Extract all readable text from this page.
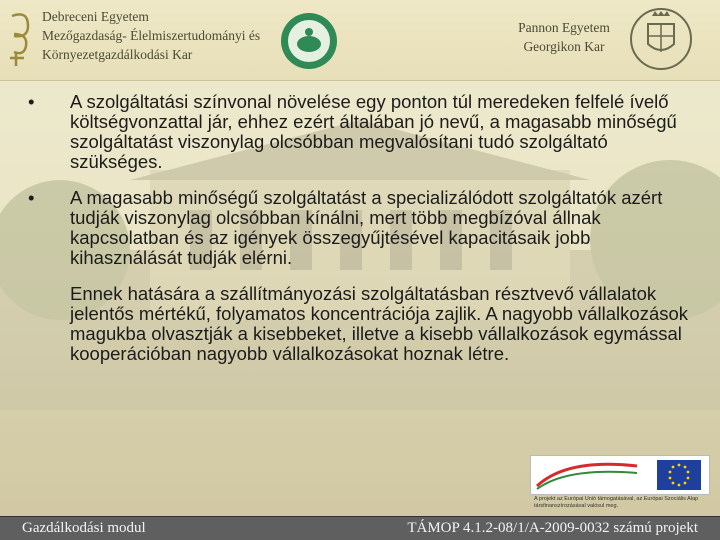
Debreceni Egyetem
Mezőgazdaság- Élelmiszertudományi és
Környezetgazdálkodási Kar
Pannon Egyetem
Georgikon Kar
•	A szolgáltatási színvonal növelése egy ponton túl meredeken felfelé ívelő költségvonzattal jár, ehhez ezért általában jó nevű, a magasabb minőségű szolgáltatást viszonylag olcsóbban megvalósítani tudó szolgáltató szükséges.
•	A magasabb minőségű szolgáltatást a specializálódott szolgáltatók azért tudják viszonylag olcsóbban kínálni, mert több megbízóval állnak kapcsolatban és az igények összegyűjtésével kapacitásaik jobb kihasználását tudják elérni.
Ennek hatására a szállítmányozási szolgáltatásban résztvevő vállalatok jelentős mértékű, folyamatos koncentrációja zajlik. A nagyobb vállalkozások magukba olvasztják a kisebbeket, illetve a kisebb vállalkozások egymással kooperációban nagyobb vállalkozásokat hoznak létre.
A projekt az Európai Unió támogatásával, az Európai Szociális Alap társfinanszírozásával valósul meg.
Gazdálkodási modul	TÁMOP 4.1.2-08/1/A-2009-0032 számú projekt
